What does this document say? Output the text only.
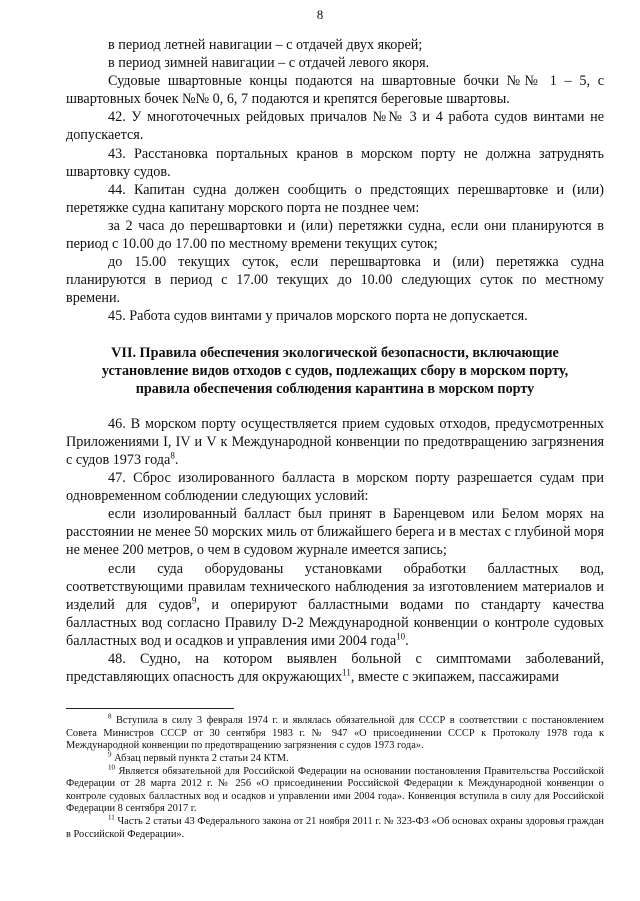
8

в период летней навигации – с отдачей двух якорей;

в период зимней навигации – с отдачей левого якоря.

Судовые швартовные концы подаются на швартовные бочки №№ 1 – 5, с швартовных бочек №№ 0, 6, 7 подаются и крепятся береговые швартовы.

42. У многоточечных рейдовых причалов №№ 3 и 4 работа судов винтами не допускается.

43. Расстановка портальных кранов в морском порту не должна затруднять швартовку судов.

44. Капитан судна должен сообщить о предстоящих перешвартовке и (или) перетяжке судна капитану морского порта не позднее чем:

за 2 часа до перешвартовки и (или) перетяжки судна, если они планируются в период с 10.00 до 17.00 по местному времени текущих суток;

до 15.00 текущих суток, если перешвартовка и (или) перетяжка судна планируются в период с 17.00 текущих до 10.00 следующих суток по местному времени.

45. Работа судов винтами у причалов морского порта не допускается.

VII. Правила обеспечения экологической безопасности, включающие
установление видов отходов с судов, подлежащих сбору в морском порту,
правила обеспечения соблюдения карантина в морском порту

46. В морском порту осуществляется прием судовых отходов, предусмотренных Приложениями I, IV и V к Международной конвенции по предотвращению загрязнения с судов 1973 года$^8$.

47. Сброс изолированного балласта в морском порту разрешается судам при одновременном соблюдении следующих условий:

если изолированный балласт был принят в Баренцевом или Белом морях на расстоянии не менее 50 морских миль от ближайшего берега и в местах с глубиной моря не менее 200 метров, о чем в судовом журнале имеется запись;

если суда оборудованы установками обработки балластных вод, соответствующими правилам технического наблюдения за изготовлением материалов и изделий для судов$^9$, и оперируют балластными водами по стандарту качества балластных вод согласно Правилу D-2 Международной конвенции о контроле судовых балластных вод и осадков и управления ими 2004 года$^{10}$.

48. Судно, на котором выявлен больной с симптомами заболеваний, представляющих опасность для окружающих$^{11}$, вместе с экипажем, пассажирами

$^8$ Вступила в силу 3 февраля 1974 г. и являлась обязательной для СССР в соответствии с постановлением Совета Министров СССР от 30 сентября 1983 г. № 947 «О присоединении СССР к Протоколу 1978 года к Международной конвенции по предотвращению загрязнения с судов 1973 года».

$^9$ Абзац первый пункта 2 статьи 24 КТМ.

$^{10}$ Является обязательной для Российской Федерации на основании постановления Правительства Российской Федерации от 28 марта 2012 г. № 256 «О присоединении Российской Федерации к Международной конвенции о контроле судовых балластных вод и осадков и управлении ими 2004 года». Конвенция вступила в силу для Российской Федерации 8 сентября 2017 г.

$^{11}$ Часть 2 статьи 43 Федерального закона от 21 ноября 2011 г. № 323-ФЗ «Об основах охраны здоровья граждан в Российской Федерации».
